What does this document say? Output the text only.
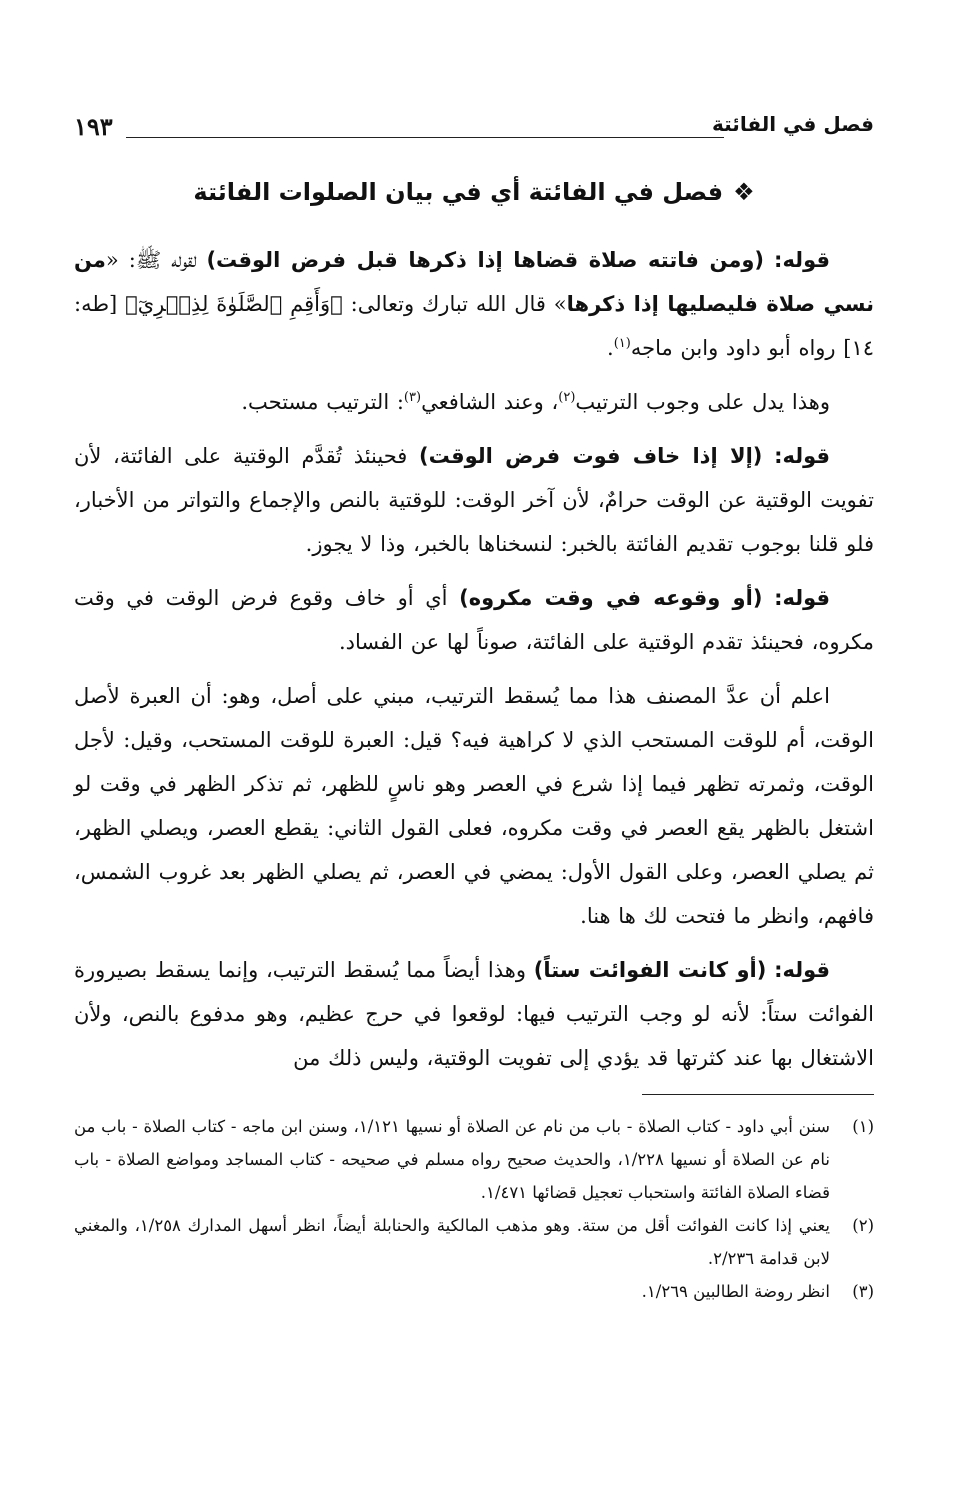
١٩٣	فصل في الفائتة
❖فصل في الفائتة أي في بيان الصلوات الفائتة

قوله: (ومن فاتته صلاة قضاها إذا ذكرها قبل فرض الوقت) لقوله ﷺ: «من نسي صلاة فليصليها إذا ذكرها» قال الله تبارك وتعالى: ﴿وَأَقِمِ ٱلصَّلَوٰةَ لِذِكۡرِيٓ﴾ [طه: ١٤] رواه أبو داود وابن ماجه$^{(١)}$.

وهذا يدل على وجوب الترتيب$^{(٢)}$، وعند الشافعي$^{(٣)}$: الترتيب مستحب.

قوله: (إلا إذا خاف فوت فرض الوقت) فحينئذ تُقدَّم الوقتية على الفائتة، لأن تفويت الوقتية عن الوقت حرامٌ، لأن آخر الوقت: للوقتية بالنص والإجماع والتواتر من الأخبار، فلو قلنا بوجوب تقديم الفائتة بالخبر: لنسخناها بالخبر، وذا لا يجوز.

قوله: (أو وقوعه في وقت مكروه) أي أو خاف وقوع فرض الوقت في وقت مكروه، فحينئذ تقدم الوقتية على الفائتة، صوناً لها عن الفساد.

اعلم أن عدَّ المصنف هذا مما يُسقط الترتيب، مبني على أصل، وهو: أن العبرة لأصل الوقت، أم للوقت المستحب الذي لا كراهية فيه؟ قيل: العبرة للوقت المستحب، وقيل: لأجل الوقت، وثمرته تظهر فيما إذا شرع في العصر وهو ناسٍ للظهر، ثم تذكر الظهر في وقت لو اشتغل بالظهر يقع العصر في وقت مكروه، فعلى القول الثاني: يقطع العصر، ويصلي الظهر، ثم يصلي العصر، وعلى القول الأول: يمضي في العصر، ثم يصلي الظهر بعد غروب الشمس، فافهم، وانظر ما فتحت لك ها هنا.

قوله: (أو كانت الفوائت ستاً) وهذا أيضاً مما يُسقط الترتيب، وإنما يسقط بصيرورة الفوائت ستاً: لأنه لو وجب الترتيب فيها: لوقعوا في حرج عظيم، وهو مدفوع بالنص، ولأن الاشتغال بها عند كثرتها قد يؤدي إلى تفويت الوقتية، وليس ذلك من

(١)
سنن أبي داود - كتاب الصلاة - باب من نام عن الصلاة أو نسيها ١/١٢١، وسنن ابن ماجه - كتاب الصلاة - باب من نام عن الصلاة أو نسيها ١/٢٢٨، والحديث صحيح رواه مسلم في صحيحه - كتاب المساجد ومواضع الصلاة - باب قضاء الصلاة الفائتة واستحباب تعجيل قضائها ١/٤٧١.

(٢)
يعني إذا كانت الفوائت أقل من ستة. وهو مذهب المالكية والحنابلة أيضاً، انظر أسهل المدارك ١/٢٥٨، والمغني لابن قدامة ٢/٢٣٦.

(٣)
انظر روضة الطالبين ١/٢٦٩.
